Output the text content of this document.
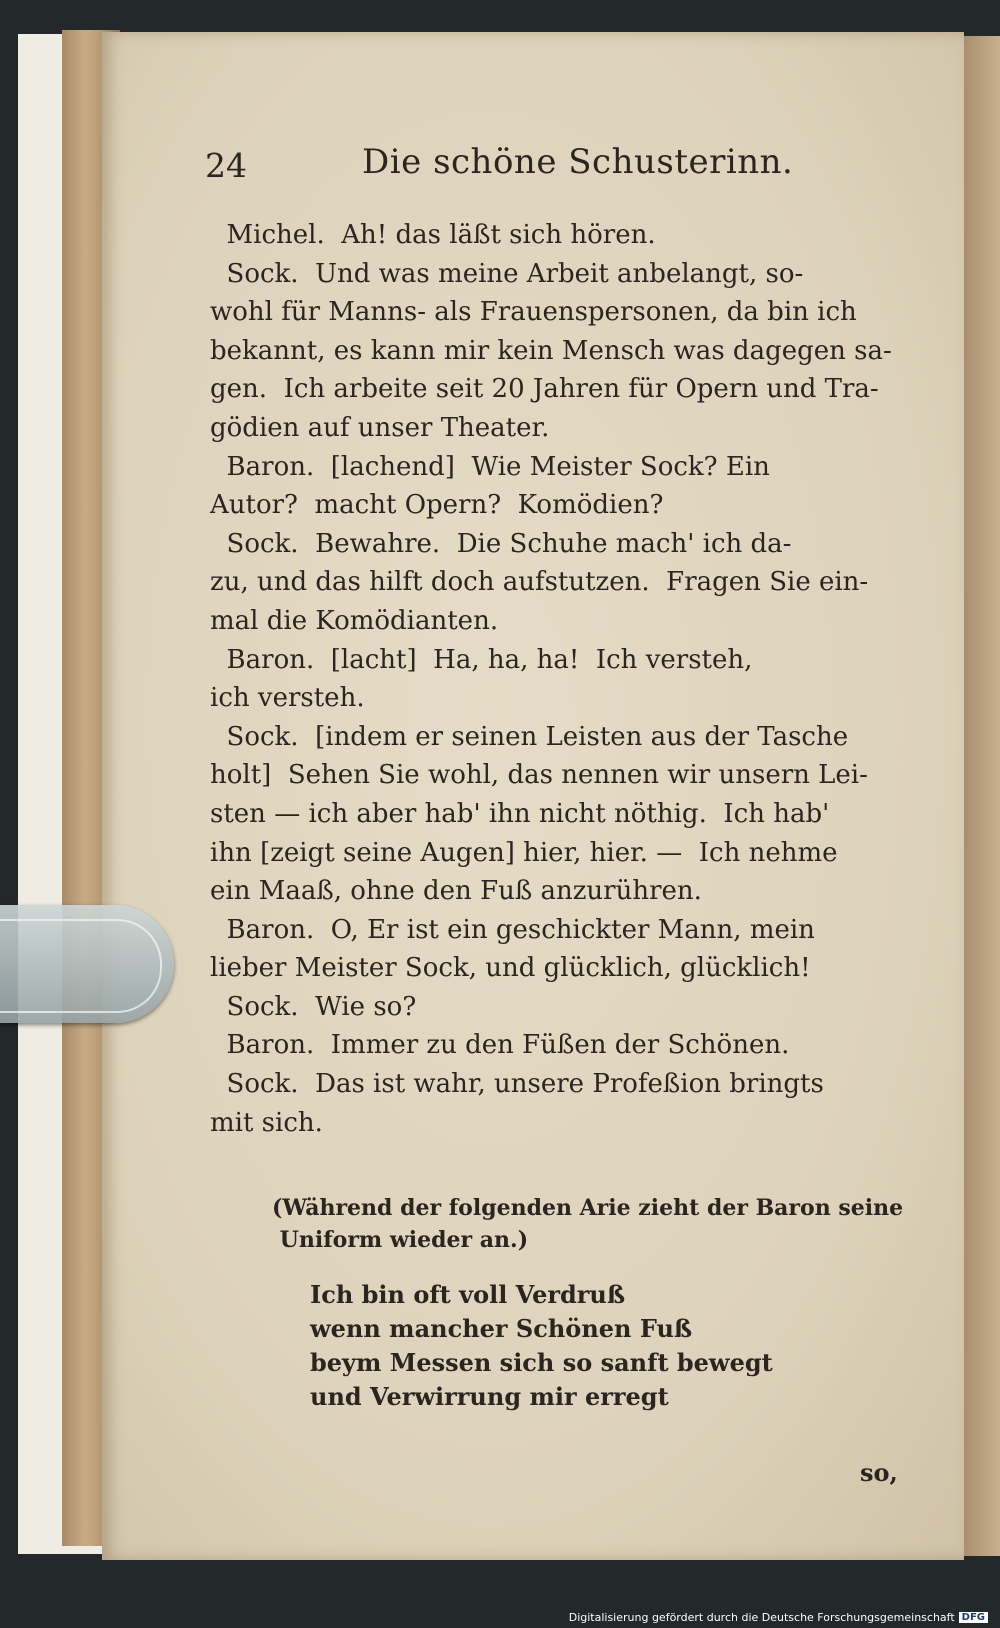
24	Die schöne Schusterinn.
Michel.  Ah! das läßt sich hören.
Sock.  Und was meine Arbeit anbelangt, so-
wohl für Manns- als Frauenspersonen, da bin ich
bekannt, es kann mir kein Mensch was dagegen sa-
gen.  Ich arbeite seit 20 Jahren für Opern und Tra-
gödien auf unser Theater.
Baron.  [lachend]  Wie Meister Sock? Ein
Autor?  macht Opern?  Komödien?
Sock.  Bewahre.  Die Schuhe mach' ich da-
zu, und das hilft doch aufstutzen.  Fragen Sie ein-
mal die Komödianten.
Baron.  [lacht]  Ha, ha, ha!  Ich versteh,
ich versteh.
Sock.  [indem er seinen Leisten aus der Tasche
holt]  Sehen Sie wohl, das nennen wir unsern Lei-
sten — ich aber hab' ihn nicht nöthig.  Ich hab'
ihn [zeigt seine Augen] hier, hier. —  Ich nehme
ein Maaß, ohne den Fuß anzurühren.
Baron.  O, Er ist ein geschickter Mann, mein
lieber Meister Sock, und glücklich, glücklich!
Sock.  Wie so?
Baron.  Immer zu den Füßen der Schönen.
Sock.  Das ist wahr, unsere Profeßion bringts
mit sich.
(Während der folgenden Arie zieht der Baron seine
Uniform wieder an.)
Ich bin oft voll Verdruß
wenn mancher Schönen Fuß
beym Messen sich so sanft bewegt
und Verwirrung mir erregt
so,
Digitalisierung gefördert durch die Deutsche Forschungsgemeinschaft DFG
